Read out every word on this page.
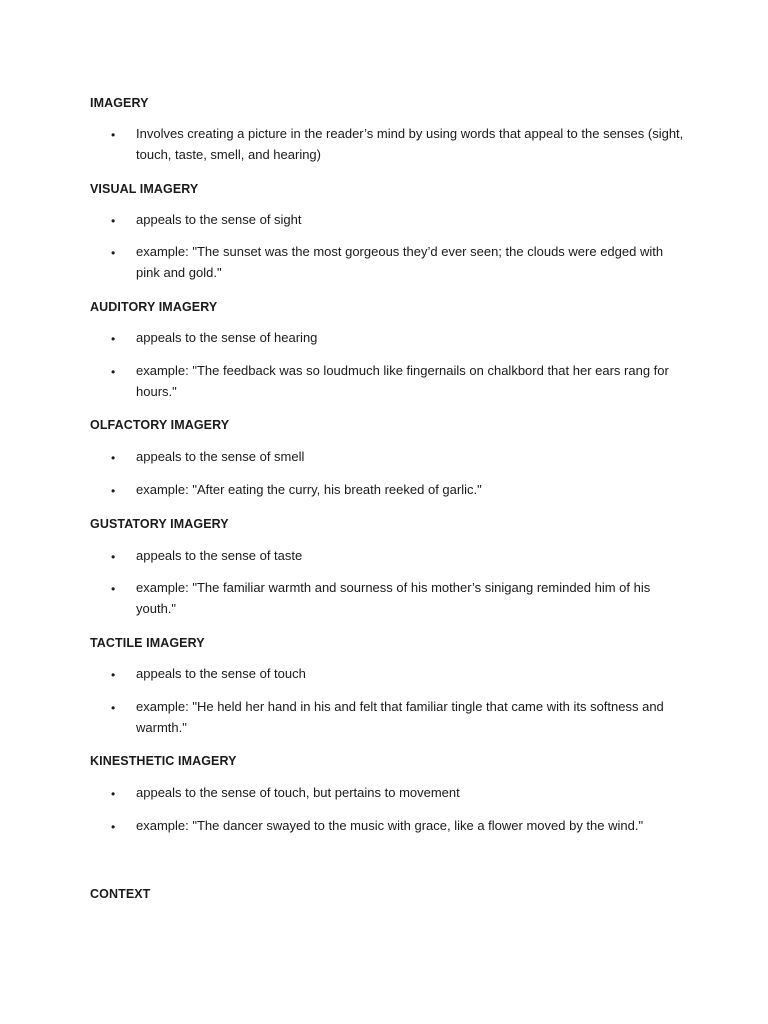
IMAGERY
• Involves creating a picture in the reader’s mind by using words that appeal to the senses (sight, touch, taste, smell, and hearing)
VISUAL IMAGERY
• appeals to the sense of sight
• example: "The sunset was the most gorgeous they’d ever seen; the clouds were edged with pink and gold."
AUDITORY IMAGERY
• appeals to the sense of hearing
• example: "The feedback was so loudmuch like fingernails on chalkbord that her ears rang for hours."
OLFACTORY IMAGERY
• appeals to the sense of smell
• example: "After eating the curry, his breath reeked of garlic."
GUSTATORY IMAGERY
• appeals to the sense of taste
• example: "The familiar warmth and sourness of his mother’s sinigang reminded him of his youth."
TACTILE IMAGERY
• appeals to the sense of touch
• example: "He held her hand in his and felt that familiar tingle that came with its softness and warmth."
KINESTHETIC IMAGERY
• appeals to the sense of touch, but pertains to movement
• example: "The dancer swayed to the music with grace, like a flower moved by the wind."
CONTEXT
